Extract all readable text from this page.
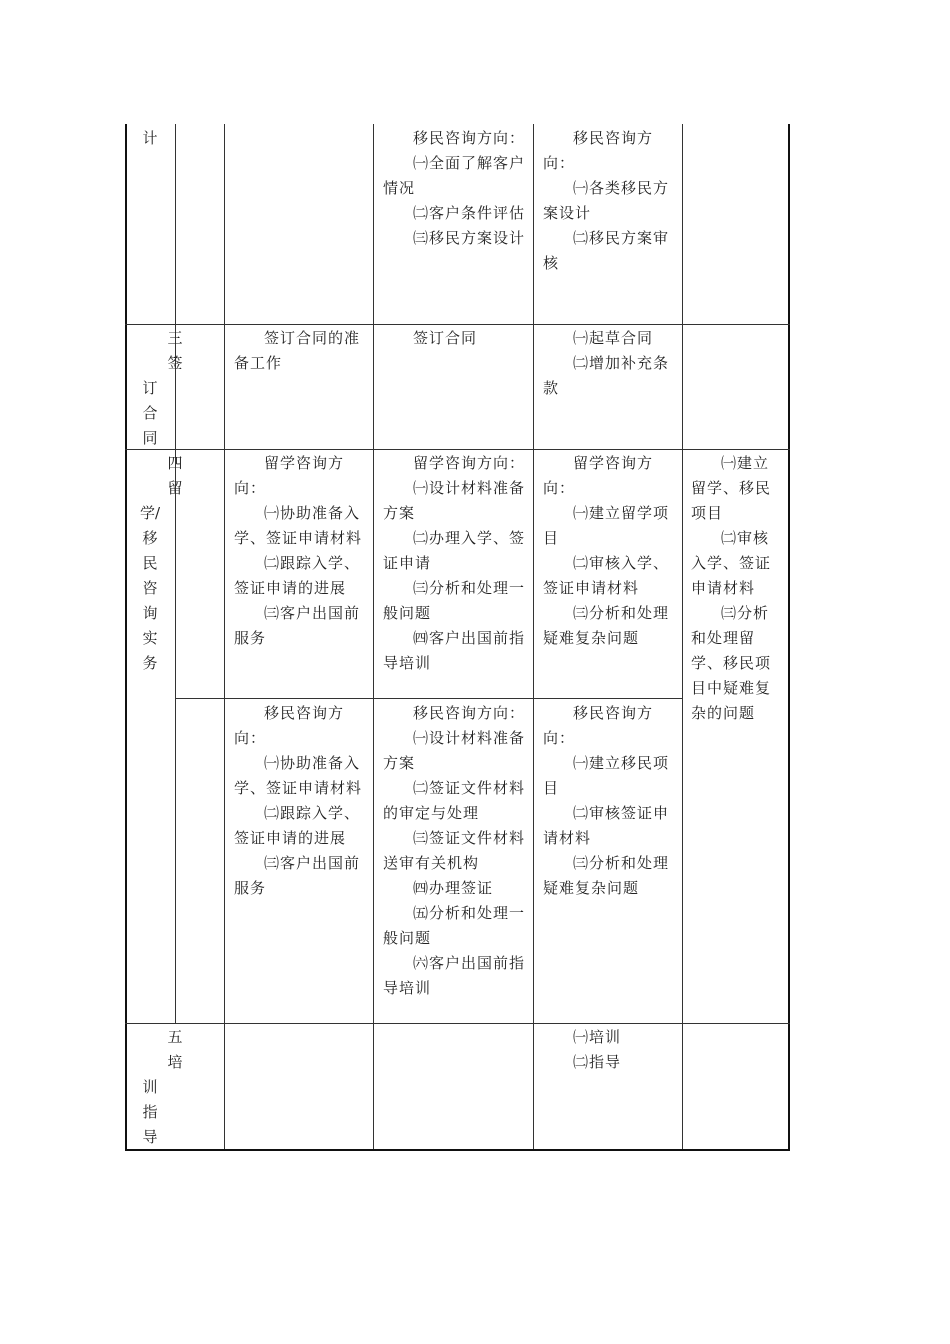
计	移民咨询方向：

㈠全面了解客户情况

㈡客户条件评估

㈢移民方案设计

移民咨询方向：

㈠各类移民方案设计

㈡移民方案审核

三
签
订
合
同

签订合同的准备工作

签订合同	㈠起草合同

㈡增加补充条款

四
留
学/
移
民
咨
询
实
务

留学咨询方向：

㈠协助准备入学、签证申请材料

㈡跟踪入学、签证申请的进展

㈢客户出国前服务

留学咨询方向：

㈠设计材料准备方案

㈡办理入学、签证申请

㈢分析和处理一般问题

㈣客户出国前指导培训

留学咨询方向：

㈠建立留学项目

㈡审核入学、签证申请材料

㈢分析和处理疑难复杂问题

㈠建立留学、移民项目

㈡审核入学、签证申请材料

㈢分析和处理留学、移民项目中疑难复杂的问题

移民咨询方向：

㈠协助准备入学、签证申请材料

㈡跟踪入学、签证申请的进展

㈢客户出国前服务

移民咨询方向：

㈠设计材料准备方案

㈡签证文件材料的审定与处理

㈢签证文件材料送审有关机构

㈣办理签证

㈤分析和处理一般问题

㈥客户出国前指导培训

移民咨询方向：

㈠建立移民项目

㈡审核签证申请材料

㈢分析和处理疑难复杂问题

五
培
训
指
导

㈠培训

㈡指导
